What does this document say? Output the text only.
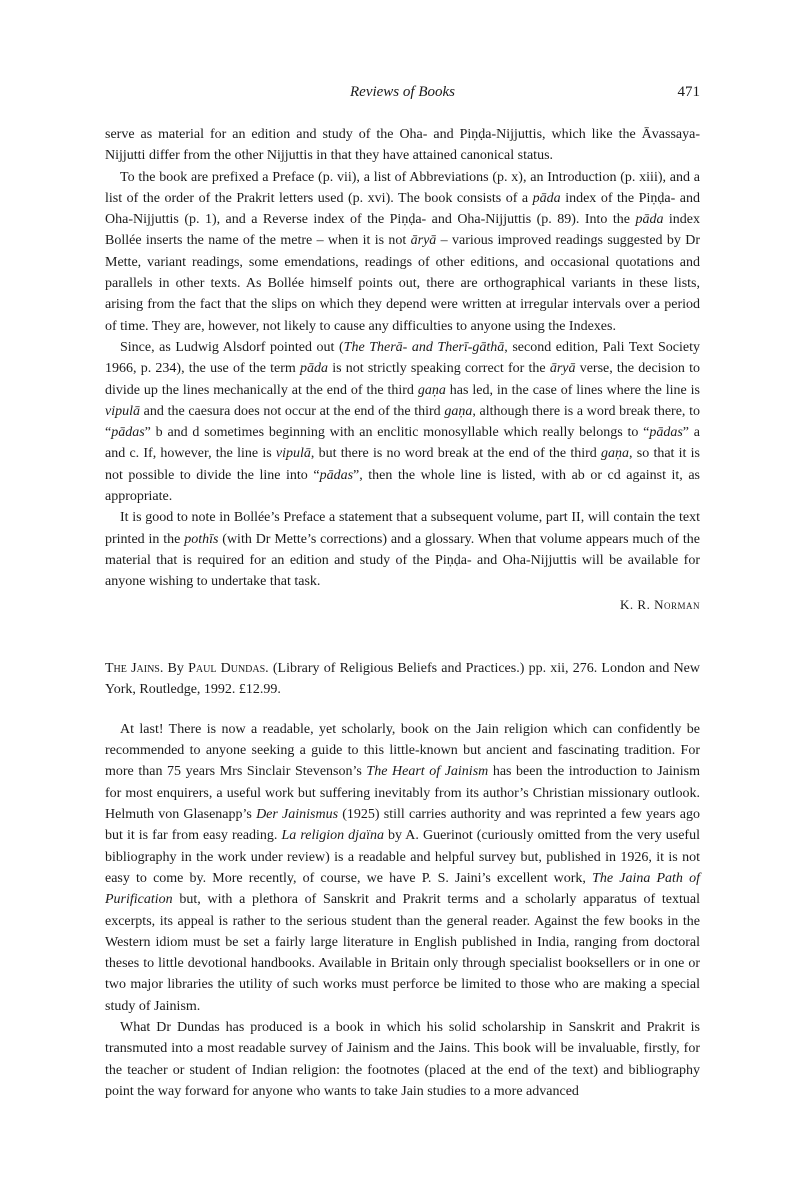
Reviews of Books	471

serve as material for an edition and study of the Oha- and Piṇḍa-Nijjuttis, which like the Āvassaya-Nijjutti differ from the other Nijjuttis in that they have attained canonical status.

To the book are prefixed a Preface (p. vii), a list of Abbreviations (p. x), an Introduction (p. xiii), and a list of the order of the Prakrit letters used (p. xvi). The book consists of a pāda index of the Piṇḍa- and Oha-Nijjuttis (p. 1), and a Reverse index of the Piṇḍa- and Oha-Nijjuttis (p. 89). Into the pāda index Bollée inserts the name of the metre – when it is not āryā – various improved readings suggested by Dr Mette, variant readings, some emendations, readings of other editions, and occasional quotations and parallels in other texts. As Bollée himself points out, there are orthographical variants in these lists, arising from the fact that the slips on which they depend were written at irregular intervals over a period of time. They are, however, not likely to cause any difficulties to anyone using the Indexes.

Since, as Ludwig Alsdorf pointed out (The Therā- and Therī-gāthā, second edition, Pali Text Society 1966, p. 234), the use of the term pāda is not strictly speaking correct for the āryā verse, the decision to divide up the lines mechanically at the end of the third gaṇa has led, in the case of lines where the line is vipulā and the caesura does not occur at the end of the third gaṇa, although there is a word break there, to “pādas” b and d sometimes beginning with an enclitic monosyllable which really belongs to “pādas” a and c. If, however, the line is vipulā, but there is no word break at the end of the third gaṇa, so that it is not possible to divide the line into “pādas”, then the whole line is listed, with ab or cd against it, as appropriate.

It is good to note in Bollée’s Preface a statement that a subsequent volume, part II, will contain the text printed in the pothīs (with Dr Mette’s corrections) and a glossary. When that volume appears much of the material that is required for an edition and study of the Piṇḍa- and Oha-Nijjuttis will be available for anyone wishing to undertake that task.

K. R. Norman
The Jains. By Paul Dundas. (Library of Religious Beliefs and Practices.) pp. xii, 276. London and New York, Routledge, 1992. £12.99.

At last! There is now a readable, yet scholarly, book on the Jain religion which can confidently be recommended to anyone seeking a guide to this little-known but ancient and fascinating tradition. For more than 75 years Mrs Sinclair Stevenson’s The Heart of Jainism has been the introduction to Jainism for most enquirers, a useful work but suffering inevitably from its author’s Christian missionary outlook. Helmuth von Glasenapp’s Der Jainismus (1925) still carries authority and was reprinted a few years ago but it is far from easy reading. La religion djaïna by A. Guerinot (curiously omitted from the very useful bibliography in the work under review) is a readable and helpful survey but, published in 1926, it is not easy to come by. More recently, of course, we have P. S. Jaini’s excellent work, The Jaina Path of Purification but, with a plethora of Sanskrit and Prakrit terms and a scholarly apparatus of textual excerpts, its appeal is rather to the serious student than the general reader. Against the few books in the Western idiom must be set a fairly large literature in English published in India, ranging from doctoral theses to little devotional handbooks. Available in Britain only through specialist booksellers or in one or two major libraries the utility of such works must perforce be limited to those who are making a special study of Jainism.

What Dr Dundas has produced is a book in which his solid scholarship in Sanskrit and Prakrit is transmuted into a most readable survey of Jainism and the Jains. This book will be invaluable, firstly, for the teacher or student of Indian religion: the footnotes (placed at the end of the text) and bibliography point the way forward for anyone who wants to take Jain studies to a more advanced
